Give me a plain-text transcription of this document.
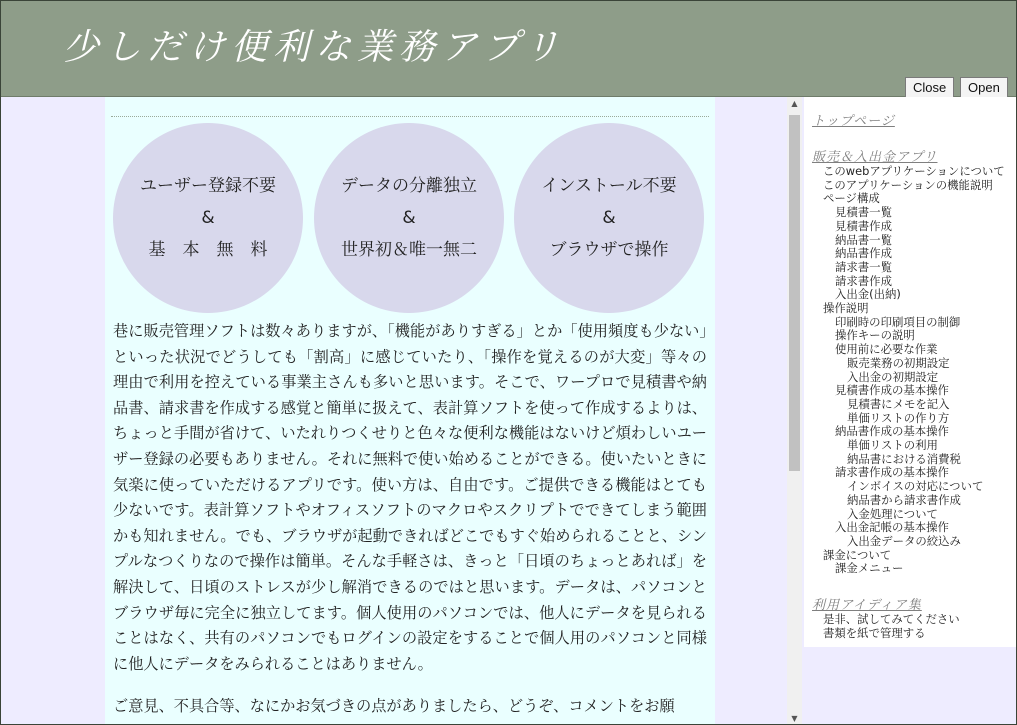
少しだけ便利な業務アプリ
Close	Open
ユーザー登録不要
&
基　本　無　料
データの分離独立
&
世界初＆唯一無二
インストール不要
&
ブラウザで操作

巷に販売管理ソフトは数々ありますが、「機能がありすぎる」とか「使用頻度も少ない」といった状況でどうしても「割高」に感じていたり、「操作を覚えるのが大変」等々の理由で利用を控えている事業主さんも多いと思います。そこで、ワープロで見積書や納品書、請求書を作成する感覚と簡単に扱えて、表計算ソフトを使って作成するよりは、ちょっと手間が省けて、いたれりつくせりと色々な便利な機能はないけど煩わしいユーザー登録の必要もありません。それに無料で使い始めることができる。使いたいときに気楽に使っていただけるアプリです。使い方は、自由です。ご提供できる機能はとても少ないです。表計算ソフトやオフィスソフトのマクロやスクリプトでできてしまう範囲かも知れません。でも、ブラウザが起動できればどこでもすぐ始められることと、シンプルなつくりなので操作は簡単。そんな手軽さは、きっと「日頃のちょっとあれば」を解決して、日頃のストレスが少し解消できるのではと思います。データは、パソコンとブラウザ毎に完全に独立してます。個人使用のパソコンでは、他人にデータを見られることはなく、共有のパソコンでもログインの設定をすることで個人用のパソコンと同様に他人にデータをみられることはありません。

ご意見、不具合等、なにかお気づきの点がありましたら、どうぞ、コメントをお願

▲
▼
トップページ
販売＆入出金アプリ
このwebアプリケーションについて
このアプリケーションの機能説明
ページ構成
見積書一覧
見積書作成
納品書一覧
納品書作成
請求書一覧
請求書作成
入出金(出納)
操作説明
印刷時の印刷項目の制御
操作キーの説明
使用前に必要な作業
販売業務の初期設定
入出金の初期設定
見積書作成の基本操作
見積書にメモを記入
単価リストの作り方
納品書作成の基本操作
単価リストの利用
納品書における消費税
請求書作成の基本操作
インボイスの対応について
納品書から請求書作成
入金処理について
入出金記帳の基本操作
入出金データの絞込み
課金について
課金メニュー
利用アイディア集
是非、試してみてください
書類を紙で管理する
